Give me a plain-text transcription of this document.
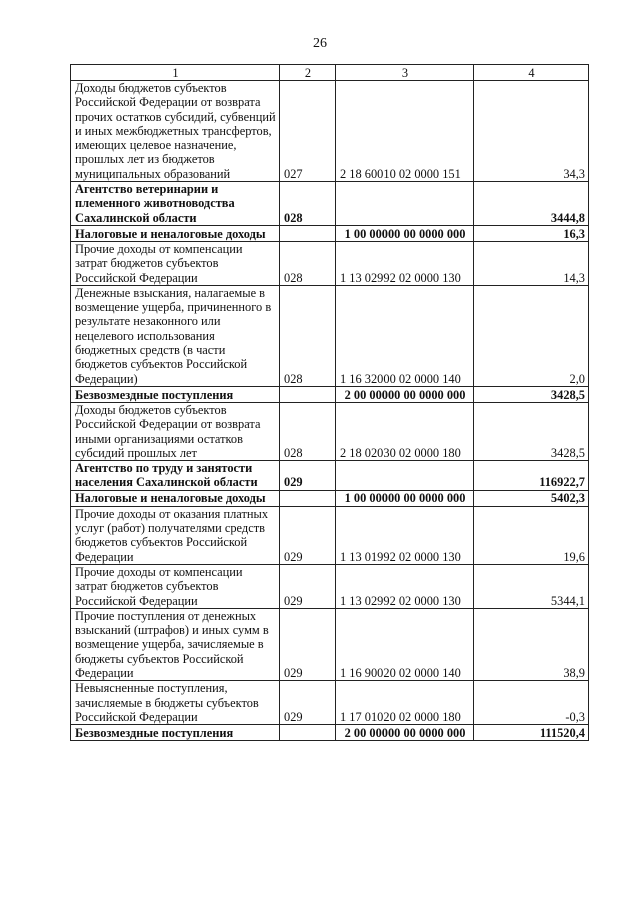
26
1	2	3	4
Доходы бюджетов субъектов Российской Федерации от возврата прочих остатков субсидий, субвенций и иных межбюджетных трансфертов, имеющих целевое назначение, прошлых лет из бюджетов муниципальных образований	027	2 18 60010 02 0000 151	34,3
Агентство ветеринарии и племенного животноводства Сахалинской области	028		3444,8
Налоговые и неналоговые доходы		1 00 00000 00 0000 000	16,3
Прочие доходы от компенсации затрат бюджетов субъектов Российской Федерации	028	1 13 02992 02 0000 130	14,3
Денежные взыскания, налагаемые в возмещение ущерба, причиненного в результате незаконного или нецелевого использования бюджетных средств (в части бюджетов субъектов Российской Федерации)	028	1 16 32000 02 0000 140	2,0
Безвозмездные поступления		2 00 00000 00 0000 000	3428,5
Доходы бюджетов субъектов Российской Федерации от возврата иными организациями остатков субсидий прошлых лет	028	2 18 02030 02 0000 180	3428,5
Агентство по труду и занятости населения Сахалинской области	029		116922,7
Налоговые и неналоговые доходы		1 00 00000 00 0000 000	5402,3
Прочие доходы от оказания платных услуг (работ) получателями средств бюджетов субъектов Российской Федерации	029	1 13 01992 02 0000 130	19,6
Прочие доходы от компенсации затрат бюджетов субъектов Российской Федерации	029	1 13 02992 02 0000 130	5344,1
Прочие поступления от денежных взысканий (штрафов) и иных сумм в возмещение ущерба, зачисляемые в бюджеты субъектов Российской Федерации	029	1 16 90020 02 0000 140	38,9
Невыясненные поступления, зачисляемые в бюджеты субъектов Российской Федерации	029	1 17 01020 02 0000 180	-0,3
Безвозмездные поступления		2 00 00000 00 0000 000	111520,4
